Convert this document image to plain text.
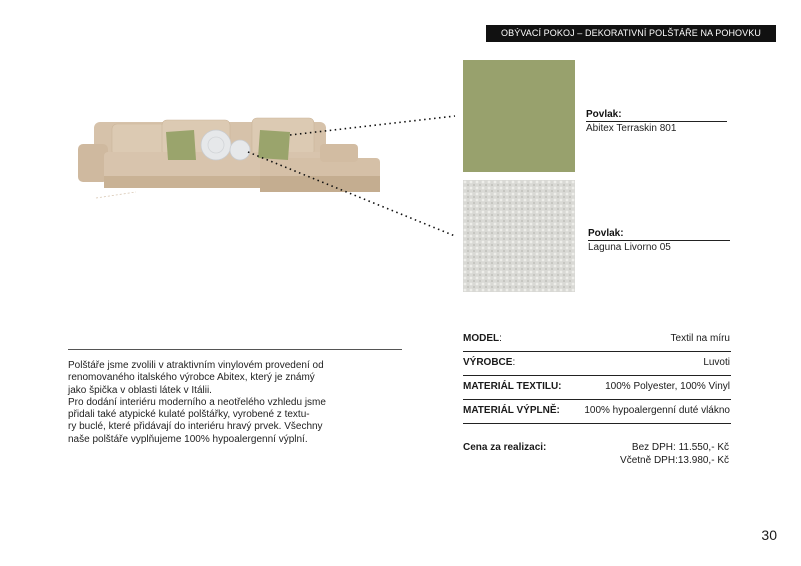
OBÝVACÍ POKOJ – DEKORATIVNÍ POLŠTÁŘE NA POHOVKU
Povlak:
Abitex Terraskin 801
Povlak:
Laguna Livorno 05
Polštáře jsme zvolili v atraktivním vinylovém provedení od
renomovaného italského výrobce Abitex, který je známý
jako špička v oblasti látek v Itálii.
Pro dodání interiéru moderního a neotřelého vzhledu jsme
přidali také atypické kulaté polštářky, vyrobené z textu-
ry buclé, které přidávají do interiéru hravý prvek. Všechny
naše polštáře vyplňujeme 100% hypoalergenní výplní.
MODEL:	Textil na míru
VÝROBCE:	Luvoti
MATERIÁL TEXTILU:	100% Polyester, 100% Vinyl
MATERIÁL VÝPLNĚ: 100% hypoalergenní duté vlákno
Cena za realizaci:	Bez DPH: 11.550,- Kč
Včetně DPH:13.980,- Kč
30
